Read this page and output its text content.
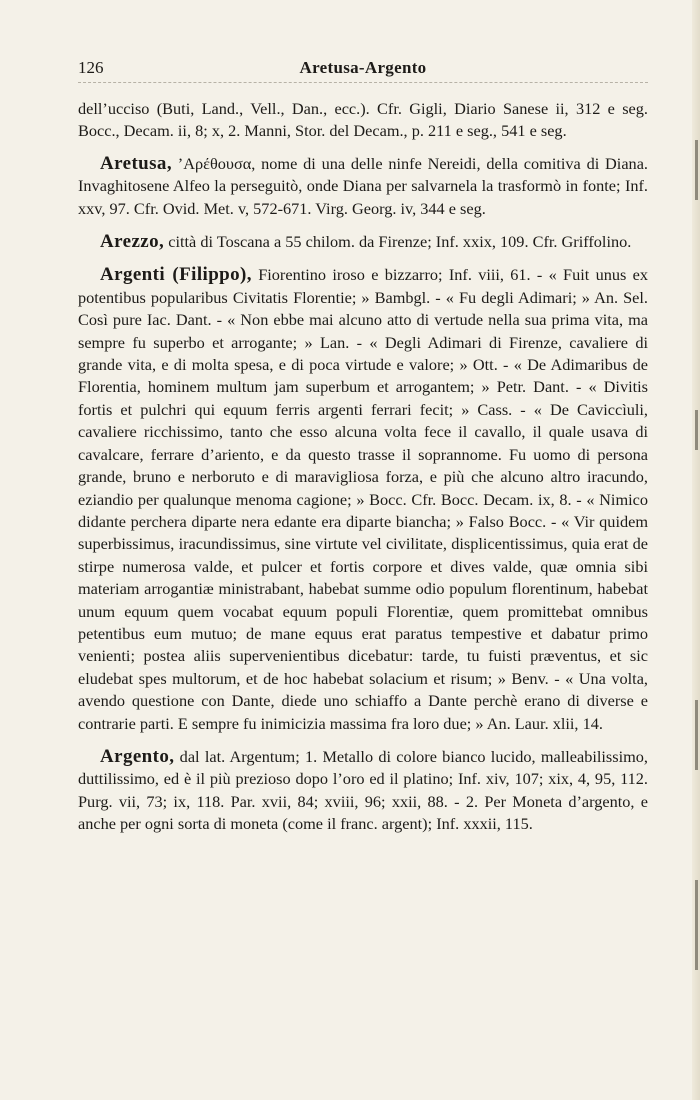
126	Aretusa-Argento

dell’ucciso (Buti, Land., Vell., Dan., ecc.). Cfr. Gigli, Diario Sanese ii, 312 e seg. Bocc., Decam. ii, 8; x, 2. Manni, Stor. del Decam., p. 211 e seg., 541 e seg.

Aretusa, ’Αρέθουσα, nome di una delle ninfe Nereidi, della comitiva di Diana. Invaghitosene Alfeo la perseguitò, onde Diana per salvarnela la trasformò in fonte; Inf. xxv, 97. Cfr. Ovid. Met. v, 572-671. Virg. Georg. iv, 344 e seg.

Arezzo, città di Toscana a 55 chilom. da Firenze; Inf. xxix, 109. Cfr. Griffolino.

Argenti (Filippo), Fiorentino iroso e bizzarro; Inf. viii, 61. - « Fuit unus ex potentibus popularibus Civitatis Florentie; » Bambgl. - « Fu degli Adimari; » An. Sel. Così pure Iac. Dant. - « Non ebbe mai alcuno atto di vertude nella sua prima vita, ma sempre fu superbo et arrogante; » Lan. - « Degli Adimari di Firenze, cavaliere di grande vita, e di molta spesa, e di poca virtude e valore; » Ott. - « De Adimaribus de Florentia, hominem multum jam superbum et arrogantem; » Petr. Dant. - « Divitis fortis et pulchri qui equum ferris argenti ferrari fecit; » Cass. - « De Caviccìuli, cavaliere ricchissimo, tanto che esso alcuna volta fece il cavallo, il quale usava di cavalcare, ferrare d’ariento, e da questo trasse il soprannome. Fu uomo di persona grande, bruno e nerboruto e di maravigliosa forza, e più che alcuno altro iracundo, eziandio per qualunque menoma cagione; » Bocc. Cfr. Bocc. Decam. ix, 8. - « Nimico didante perchera diparte nera edante era diparte biancha; » Falso Bocc. - « Vir quidem superbissimus, iracundissimus, sine virtute vel civilitate, displicentissimus, quia erat de stirpe numerosa valde, et pulcer et fortis corpore et dives valde, quæ omnia sibi materiam arrogantiæ ministrabant, habebat summe odio populum florentinum, habebat unum equum quem vocabat equum populi Florentiæ, quem promittebat omnibus petentibus eum mutuo; de mane equus erat paratus tempestive et dabatur primo venienti; postea aliis supervenientibus dicebatur: tarde, tu fuisti præventus, et sic eludebat spes multorum, et de hoc habebat solacium et risum; » Benv. - « Una volta, avendo questione con Dante, diede uno schiaffo a Dante perchè erano di diverse e contrarie parti. E sempre fu inimicizia massima fra loro due; » An. Laur. xlii, 14.

Argento, dal lat. Argentum; 1. Metallo di colore bianco lucido, malleabilissimo, duttilissimo, ed è il più prezioso dopo l’oro ed il platino; Inf. xiv, 107; xix, 4, 95, 112. Purg. vii, 73; ix, 118. Par. xvii, 84; xviii, 96; xxii, 88. - 2. Per Moneta d’argento, e anche per ogni sorta di moneta (come il franc. argent); Inf. xxxii, 115.
